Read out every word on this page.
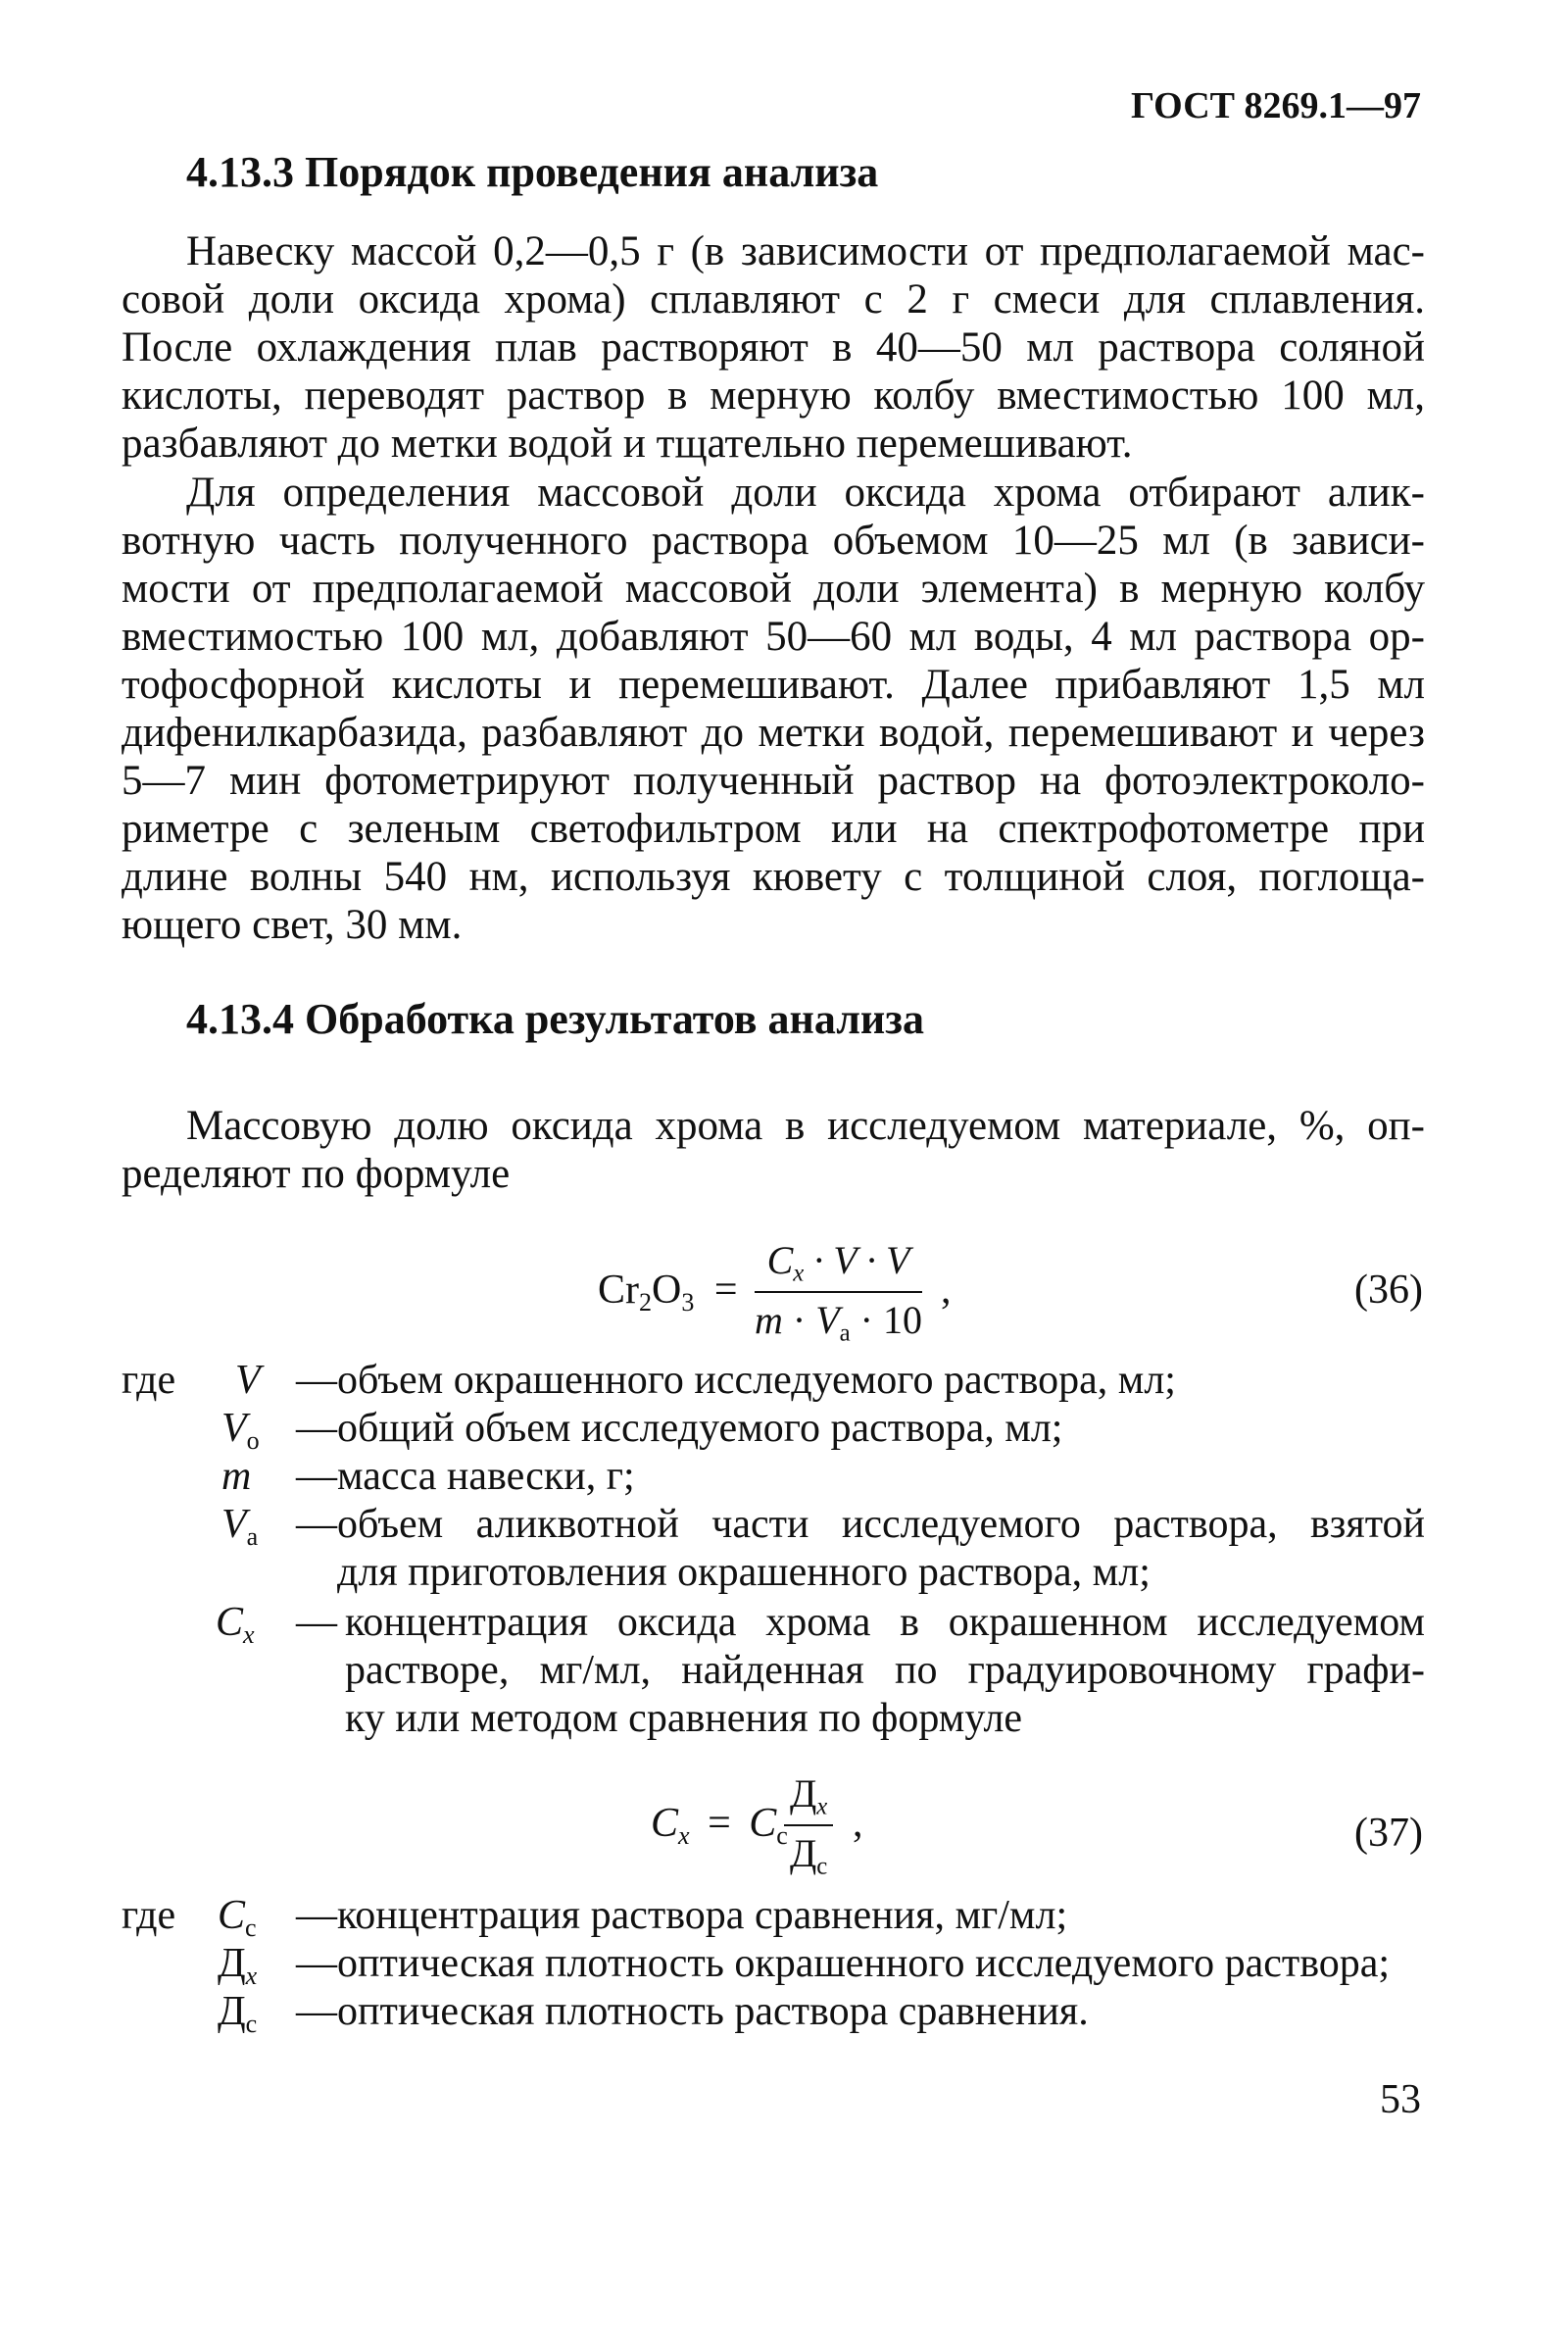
ГОСТ 8269.1—97
4.13.3 Порядок проведения анализа
Навеску массой 0,2—0,5 г (в зависимости от предполагаемой мас-
совой доли оксида хрома) сплавляют с 2 г смеси для сплавления.
После охлаждения плав растворяют в 40—50 мл раствора соляной
кислоты, переводят раствор в мерную колбу вместимостью 100 мл,
разбавляют до метки водой и тщательно перемешивают.
Для определения массовой доли оксида хрома отбирают алик-
вотную часть полученного раствора объемом 10—25 мл (в зависи-
мости от предполагаемой массовой доли элемента) в мерную колбу
вместимостью 100 мл, добавляют 50—60 мл воды, 4 мл раствора ор-
тофосфорной кислоты и перемешивают. Далее прибавляют 1,5 мл
дифенилкарбазида, разбавляют до метки водой, перемешивают и через
5—7 мин фотометрируют полученный раствор на фотоэлектроколо-
риметре с зеленым светофильтром или на спектрофотометре при
длине волны 540 нм, используя кювету с толщиной слоя, поглоща-
ющего свет, 30 мм.
4.13.4 Обработка результатов анализа
Массовую долю оксида хрома в исследуемом материале, %, оп-
ределяют по формуле
$Cr_2O_3 = \frac{C_x \cdot V \cdot V}{m \cdot V_a \cdot 10}$ ,	(36)
где V — объем окрашенного исследуемого раствора, мл;
$V_o$ — общий объем исследуемого раствора, мл;
m — масса навески, г;
$V_a$ — объем аликвотной части исследуемого раствора, взятой
для приготовления окрашенного раствора, мл;
$C_x$ — концентрация оксида хрома в окрашенном исследуемом
растворе, мг/мл, найденная по градуировочному графи-
ку или методом сравнения по формуле
$C_x = C_c$
$Д_x$
$Д_с$
,	(37)
где $C_c$ — концентрация раствора сравнения, мг/мл;
$Д_x$ — оптическая плотность окрашенного исследуемого раствора;
$Д_с$ — оптическая плотность раствора сравнения.
53
